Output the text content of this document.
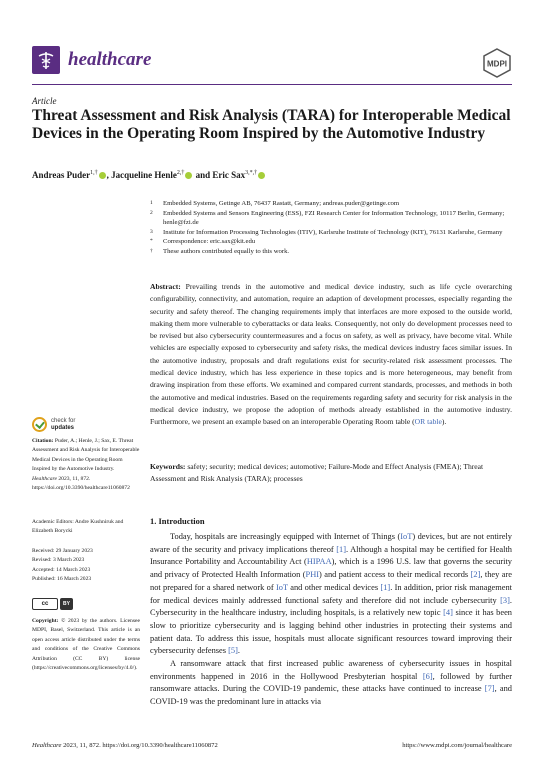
healthcare	MDPI
Article
Threat Assessment and Risk Analysis (TARA) for Interoperable Medical Devices in the Operating Room Inspired by the Automotive Industry
Andreas Puder$^{1,\dagger}$ , Jacqueline Henle$^{2,\dagger}$ and Eric Sax$^{3,*,\dagger}$
1	Embedded Systems, Getinge AB, 76437 Rastatt, Germany; andreas.puder@getinge.com
2	Embedded Systems and Sensors Engineering (ESS), FZI Research Center for Information Technology, 10117 Berlin, Germany; henle@fzi.de
3	Institute for Information Processing Technologies (ITIV), Karlsruhe Institute of Technology (KIT), 76131 Karlsruhe, Germany
*	Correspondence: eric.sax@kit.edu
†	These authors contributed equally to this work.
Abstract: Prevailing trends in the automotive and medical device industry, such as life cycle overarching configurability, connectivity, and automation, require an adaption of development processes, especially regarding the security and safety thereof. The changing requirements imply that interfaces are more exposed to the outside world, making them more vulnerable to cyberattacks or data leaks. Consequently, not only do development processes need to be revised but also cybersecurity countermeasures and a focus on safety, as well as privacy, have become vital. While vehicles are especially exposed to cybersecurity and safety risks, the medical devices industry faces similar issues. In the automotive industry, proposals and draft regulations exist for security-related risk assessment processes. The medical device industry, which has less experience in these topics and is more heterogeneous, may benefit from drawing inspiration from these efforts. We examined and compared current standards, processes, and methods in both the automotive and medical industries. Based on the requirements regarding safety and security for risk analysis in the medical device industry, we propose the adoption of methods already established in the automotive industry. Furthermore, we present an example based on an interoperable Operating Room table (OR table).
Keywords: safety; security; medical devices; automotive; Failure-Mode and Effect Analysis (FMEA); Threat Assessment and Risk Analysis (TARA); processes
check for
updates
Citation: Puder, A.; Henle, J.; Sax, E. Threat Assessment and Risk Analysis for Interoperable Medical Devices in the Operating Room Inspired by the Automotive Industry. Healthcare 2023, 11, 872. https://doi.org/10.3390/healthcare11060872
Academic Editors: Andre Kushniruk and Elizabeth Borycki
Received: 29 January 2023
Revised: 3 March 2023
Accepted: 14 March 2023
Published: 16 March 2023
cc	BY
Copyright: © 2023 by the authors. Licensee MDPI, Basel, Switzerland. This article is an open access article distributed under the terms and conditions of the Creative Commons Attribution (CC BY) license (https://creativecommons.org/licenses/by/4.0/).
1. Introduction

Today, hospitals are increasingly equipped with Internet of Things (IoT) devices, but are not entirely aware of the security and privacy implications thereof [1]. Although a hospital may be certified for Health Insurance Portability and Accountability Act (HIPAA), which is a 1996 U.S. law that governs the security and privacy of Protected Health Information (PHI) and patient access to their medical records [2], they are not prepared for a shared network of IoT and other medical devices [1]. In addition, prior risk management for medical devices mainly addressed functional safety and therefore did not include cybersecurity [3]. Cybersecurity in the healthcare industry, including hospitals, is a relatively new topic [4] since it has been slow to prioritize cybersecurity and is lagging behind other industries in protecting their systems and patient data. To address this issue, hospitals must allocate significant resources toward improving their cybersecurity defenses [5].

A ransomware attack that first increased public awareness of cybersecurity issues in hospital environments happened in 2016 in the Hollywood Presbyterian hospital [6], followed by further ransomware attacks. During the COVID-19 pandemic, these attacks have continued to increase [7], and COVID-19 was the predominant lure in attacks via

Healthcare 2023, 11, 872. https://doi.org/10.3390/healthcare11060872	https://www.mdpi.com/journal/healthcare
